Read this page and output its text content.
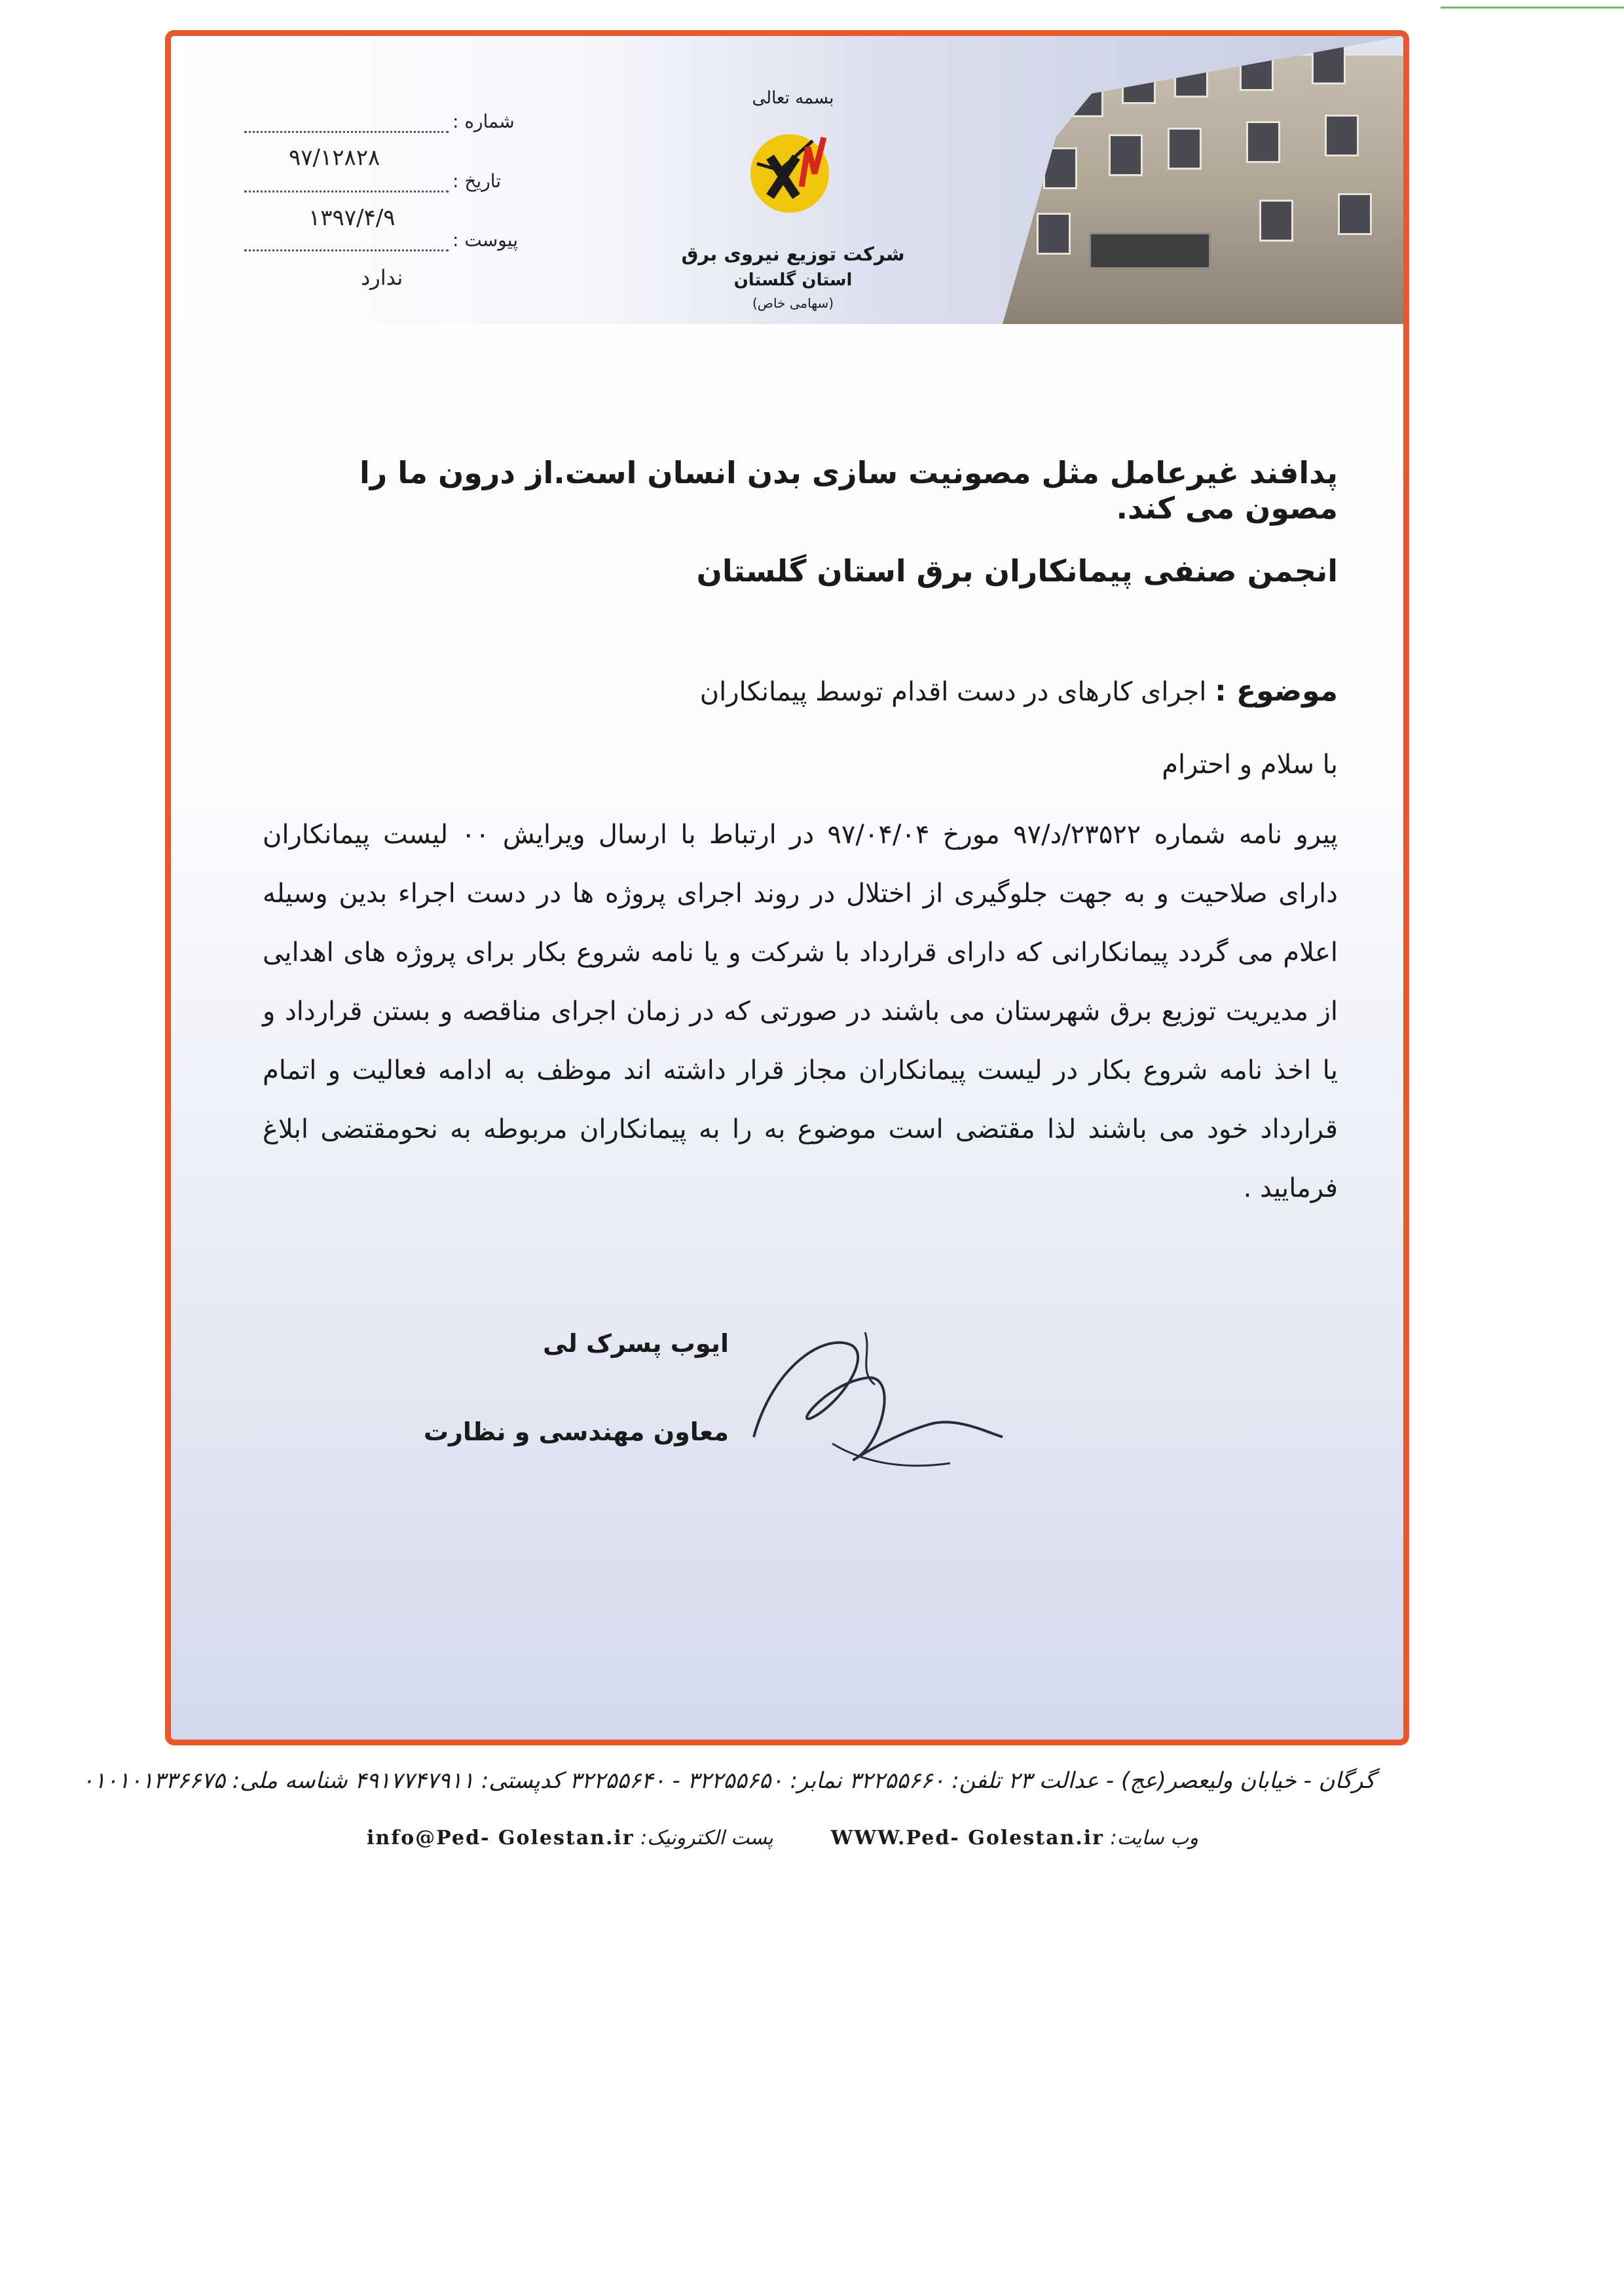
شماره :
۹۷/۱۲۸۲۸
تاریخ :
۱۳۹۷/۴/۹
پیوست :
ندارد
بسمه تعالی
شرکت توزیع نیروی برق
استان گلستان
(سهامی خاص)
پدافند غیرعامل مثل مصونیت سازی بدن انسان است.از درون ما را مصون می کند.
انجمن صنفی پیمانکاران برق استان گلستان
موضوع : اجرای کارهای در دست اقدام توسط پیمانکاران
با سلام و احترام
پیرو نامه شماره ۲۳۵۲۲/د/۹۷ مورخ ۹۷/۰۴/۰۴ در ارتباط با ارسال ویرایش ۰۰ لیست پیمانکاران دارای صلاحیت و به جهت جلوگیری از اختلال در روند اجرای پروژه ها در دست اجراء بدین وسیله اعلام می گردد پیمانکارانی که دارای قرارداد با شرکت و یا نامه شروع بکار برای پروژه های اهدایی از مدیریت توزیع برق شهرستان می باشند در صورتی که در زمان اجرای مناقصه و بستن قرارداد و یا اخذ نامه شروع بکار در لیست پیمانکاران مجاز قرار داشته اند موظف به ادامه فعالیت و اتمام قرارداد خود می باشند لذا مقتضی است موضوع به را به پیمانکاران مربوطه به نحومقتضی ابلاغ فرمایید .
ایوب پسرک لی
معاون مهندسی و نظارت
گرگان - خیابان ولیعصر(عج) - عدالت ۲۳ تلفن: ۳۲۲۵۵۶۶۰ نمابر: ۳۲۲۵۵۶۵۰ - ۳۲۲۵۵۶۴۰ کدپستی: ۴۹۱۷۷۴۷۹۱۱ شناسه ملی: ۰۱۰۱۰۱۳۳۶۶۷۵
وب سایت: WWW.Ped- Golestan.ir
پست الکترونیک: info@Ped- Golestan.ir
